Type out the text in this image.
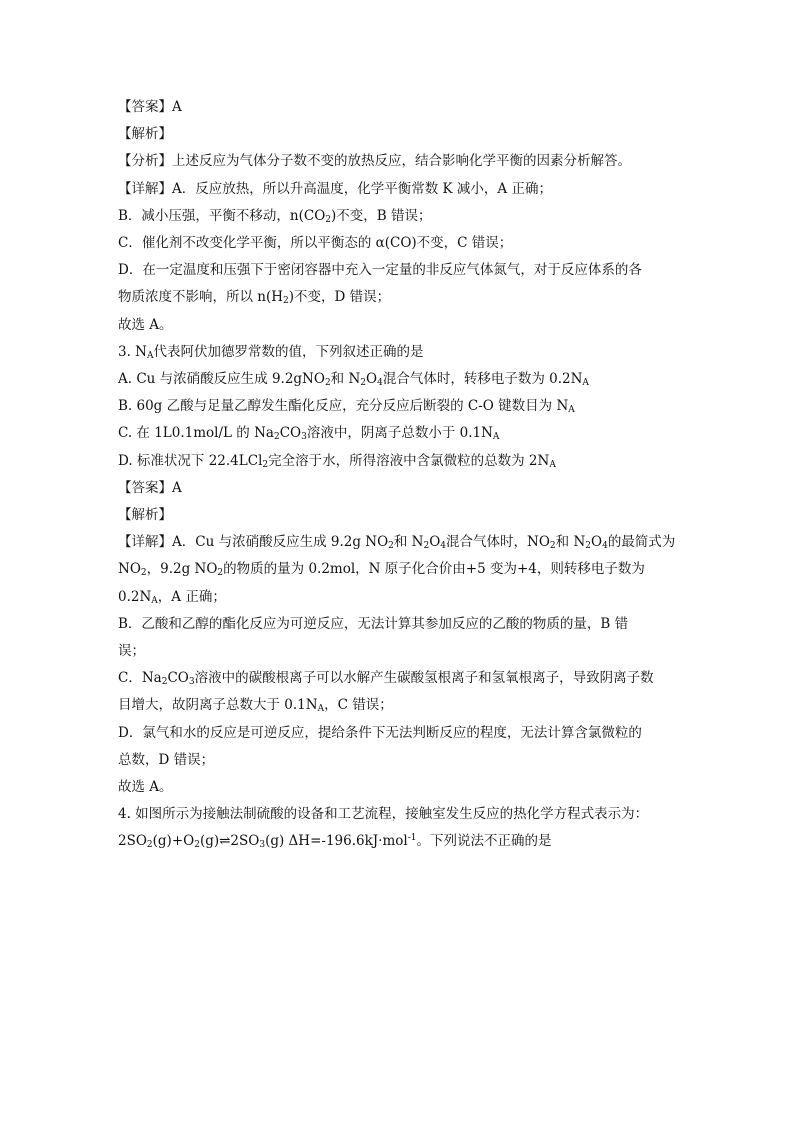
【答案】A

【解析】

【分析】上述反应为气体分子数不变的放热反应，结合影响化学平衡的因素分析解答。

【详解】A．反应放热，所以升高温度，化学平衡常数 K 减小，A 正确；

B．减小压强，平衡不移动，$n(CO_2)$不变，B 错误；

C．催化剂不改变化学平衡，所以平衡态的 α(CO)不变，C 错误；

D．在一定温度和压强下于密闭容器中充入一定量的非反应气体氮气，对于反应体系的各

物质浓度不影响，所以 $n(H_2)$不变，D 错误；

故选 A。

3. $N_A$代表阿伏加德罗常数的值，下列叙述正确的是

A. Cu 与浓硝酸反应生成 9.2gNO$_2$和 $N_2O_4$混合气体时，转移电子数为 $0.2N_A$

B. 60g 乙酸与足量乙醇发生酯化反应，充分反应后断裂的 C-O 键数目为 $N_A$

C. 在 1L0.1mol/L 的 $Na_2CO_3$溶液中，阴离子总数小于 $0.1N_A$

D. 标准状况下 22.4LCl$_2$完全溶于水，所得溶液中含氯微粒的总数为 $2N_A$

【答案】A

【解析】

【详解】A．Cu 与浓硝酸反应生成 9.2g $NO_2$和 $N_2O_4$混合气体时，$NO_2$和 $N_2O_4$的最简式为

$NO_2$，9.2g $NO_2$的物质的量为 0.2mol，N 原子化合价由+5 变为+4，则转移电子数为

$0.2N_A$，A 正确；

B．乙酸和乙醇的酯化反应为可逆反应，无法计算其参加反应的乙酸的物质的量，B 错

误；

C．$Na_2CO_3$溶液中的碳酸根离子可以水解产生碳酸氢根离子和氢氧根离子，导致阴离子数

目增大，故阴离子总数大于 $0.1N_A$，C 错误；

D．氯气和水的反应是可逆反应，提给条件下无法判断反应的程度，无法计算含氯微粒的

总数，D 错误；

故选 A。

4. 如图所示为接触法制硫酸的设备和工艺流程，接触室发生反应的热化学方程式表示为：

$2SO_2(g)+O_2(g)\rightleftharpoons 2SO_3(g)$ ΔH=-196.6kJ·mol$^{-1}$。下列说法不正确的是
